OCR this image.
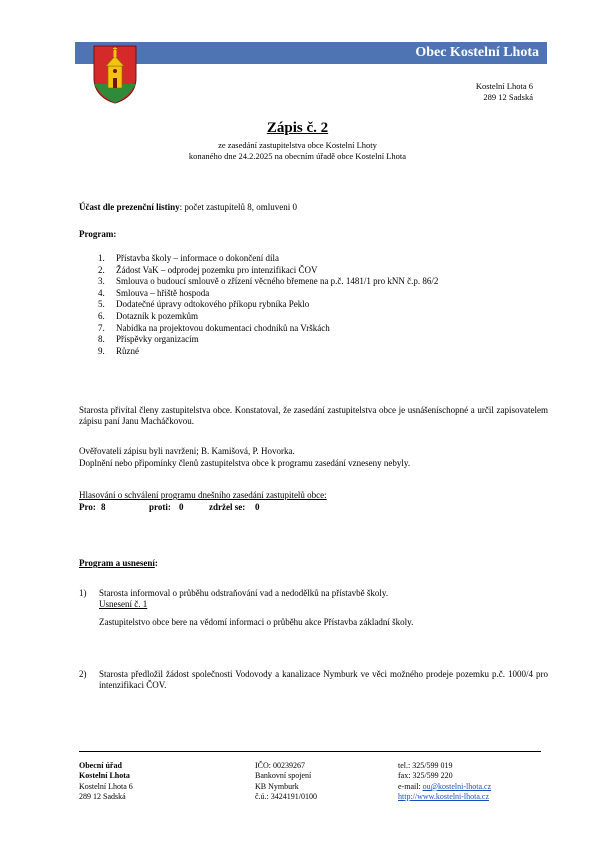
Obec Kostelní Lhota
Kostelní Lhota 6
289 12 Sadská
Zápis č. 2
ze zasedání zastupitelstva obce Kostelní Lhoty
konaného dne 24.2.2025 na obecním úřadě obce Kostelní Lhota
Účast dle prezenční listiny: počet zastupitelů 8, omluveni 0
Program:
1. Přístavba školy – informace o dokončení díla
2. Žádost VaK – odprodej pozemku pro intenzifikaci ČOV
3. Smlouva o budoucí smlouvě o zřízení věcného břemene na p.č. 1481/1 pro kNN č.p. 86/2
4. Smlouva – hřiště hospoda
5. Dodatečné úpravy odtokového příkopu rybníka Peklo
6. Dotazník k pozemkům
7. Nabídka na projektovou dokumentaci chodníků na Vrškách
8. Příspěvky organizacím
9. Různé
Starosta přivítal členy zastupitelstva obce. Konstatoval, že zasedání zastupitelstva obce je usnášeníschopné a určil zapisovatelem zápisu paní Janu Macháčkovou.
Ověřovateli zápisu byli navrženi; B. Kamišová, P. Hovorka.
Doplnění nebo připomínky členů zastupitelstva obce k programu zasedání vzneseny nebyly.
Hlasování o schválení programu dnešního zasedání zastupitelů obce:
Pro: 8	proti: 0	zdržel se: 0
Program a usnesení:
1) Starosta informoval o průběhu odstraňování vad a nedodělků na přístavbě školy.
Usnesení č. 1
Zastupitelstvo obce bere na vědomí informaci o průběhu akce Přístavba základní školy.
2) Starosta předložil žádost společnosti Vodovody a kanalizace Nymburk ve věci možného prodeje pozemku p.č. 1000/4 pro intenzifikaci ČOV.
Obecní úřad
Kostelní Lhota
Kostelní Lhota 6
289 12 Sadská
IČO: 00239267
Bankovní spojení
KB Nymburk
č.ú.: 3424191/0100
tel.: 325/599 019
fax: 325/599 220
e-mail: ou@kostelni-lhota.cz
http://www.kostelni-lhota.cz
